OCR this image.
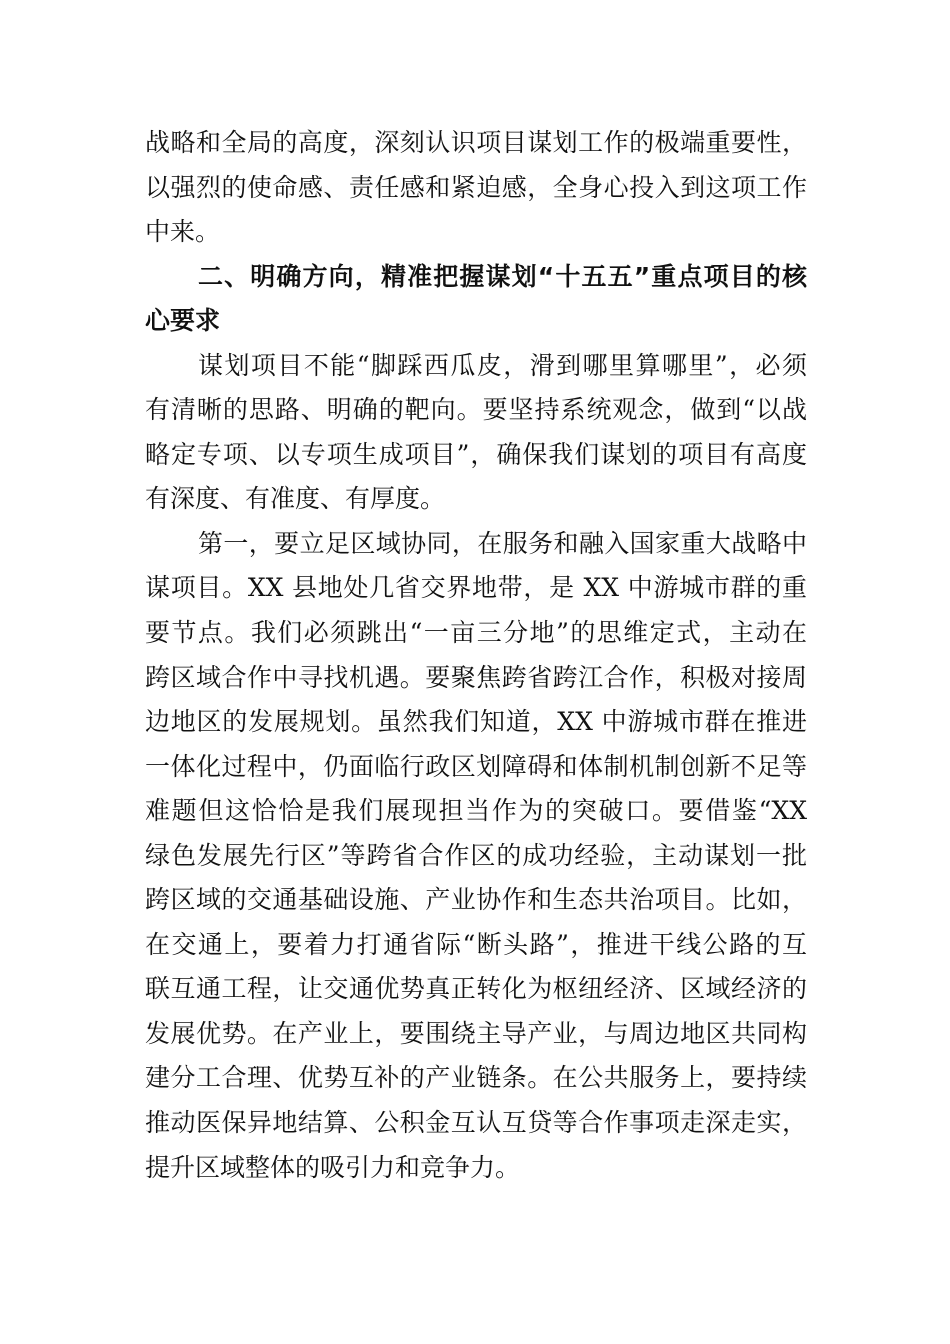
战略和全局的高度，深刻认识项目谋划工作的极端重要性，
以强烈的使命感、责任感和紧迫感，全身心投入到这项工作
中来。
二、明确方向，精准把握谋划“十五五”重点项目的核
心要求
谋划项目不能“脚踩西瓜皮，滑到哪里算哪里”，必须
有清晰的思路、明确的靶向。要坚持系统观念，做到“以战
略定专项、以专项生成项目”，确保我们谋划的项目有高度
有深度、有准度、有厚度。
第一，要立足区域协同，在服务和融入国家重大战略中
谋项目。XX 县地处几省交界地带，是 XX 中游城市群的重
要节点。我们必须跳出“一亩三分地”的思维定式，主动在
跨区域合作中寻找机遇。要聚焦跨省跨江合作，积极对接周
边地区的发展规划。虽然我们知道，XX 中游城市群在推进
一体化过程中，仍面临行政区划障碍和体制机制创新不足等
难题但这恰恰是我们展现担当作为的突破口。要借鉴“XX
绿色发展先行区”等跨省合作区的成功经验，主动谋划一批
跨区域的交通基础设施、产业协作和生态共治项目。比如，
在交通上，要着力打通省际“断头路”，推进干线公路的互
联互通工程，让交通优势真正转化为枢纽经济、区域经济的
发展优势。在产业上，要围绕主导产业，与周边地区共同构
建分工合理、优势互补的产业链条。在公共服务上，要持续
推动医保异地结算、公积金互认互贷等合作事项走深走实，
提升区域整体的吸引力和竞争力。
